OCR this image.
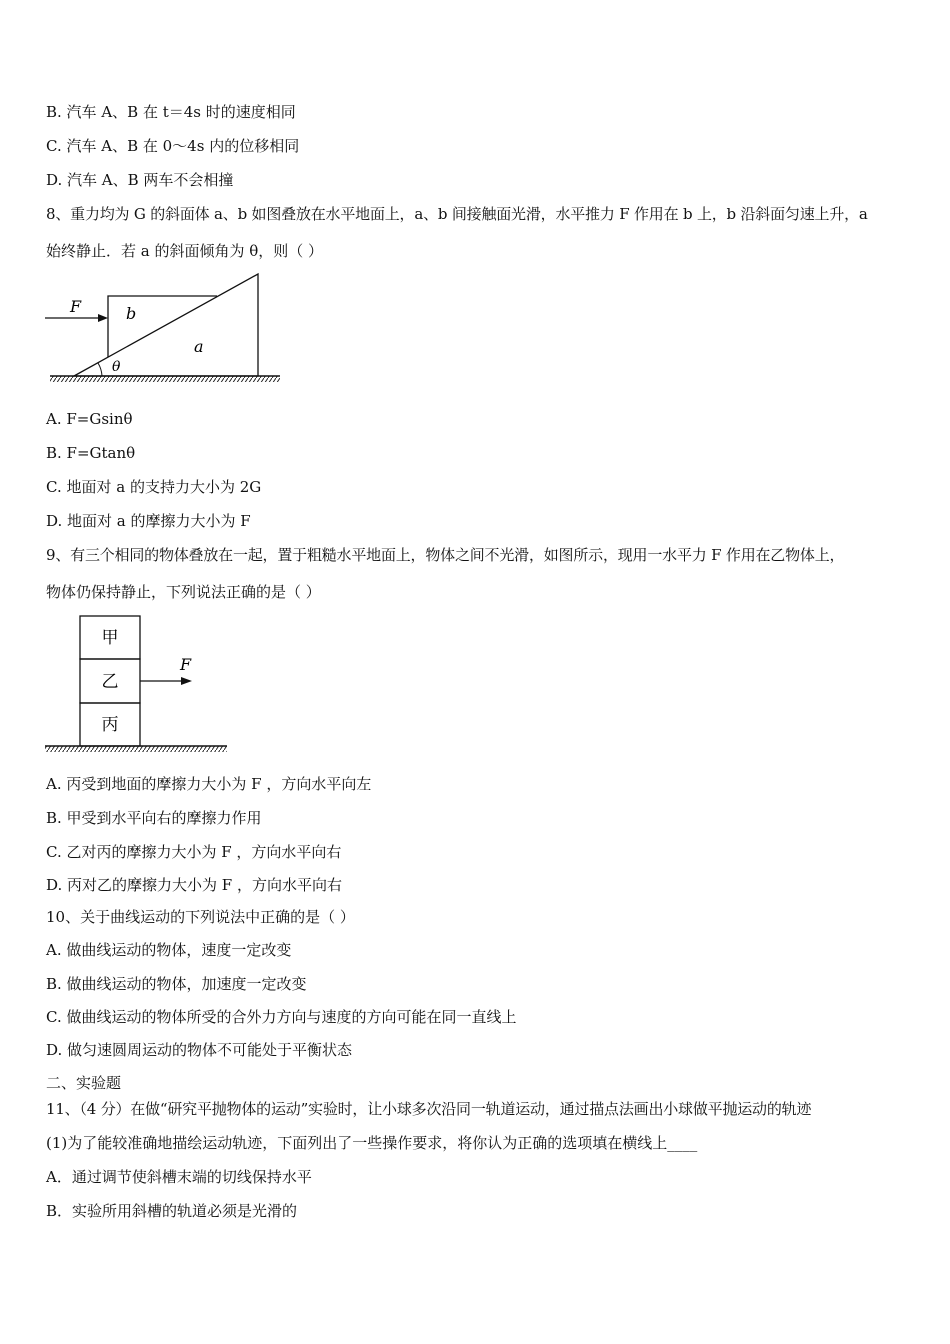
B. 汽车 A、B 在 t＝4s 时的速度相同
C. 汽车 A、B 在 0～4s 内的位移相同
D. 汽车 A、B 两车不会相撞
8、重力均为 G 的斜面体 a、b 如图叠放在水平地面上，a、b 间接触面光滑，水平推力 F 作用在 b 上，b 沿斜面匀速上升，a
始终静止．若 a 的斜面倾角为 θ，则（ ）
F	b
a
θ
A. F=Gsinθ
B. F=Gtanθ
C. 地面对 a 的支持力大小为 2G
D. 地面对 a 的摩擦力大小为 F
9、有三个相同的物体叠放在一起，置于粗糙水平地面上，物体之间不光滑，如图所示，现用一水平力 F 作用在乙物体上，
物体仍保持静止，下列说法正确的是（ ）
甲
乙
丙
F
A. 丙受到地面的摩擦力大小为 F ，方向水平向左
B. 甲受到水平向右的摩擦力作用
C. 乙对丙的摩擦力大小为 F ，方向水平向右
D. 丙对乙的摩擦力大小为 F ，方向水平向右
10、关于曲线运动的下列说法中正确的是（ ）
A. 做曲线运动的物体，速度一定改变
B. 做曲线运动的物体，加速度一定改变
C. 做曲线运动的物体所受的合外力方向与速度的方向可能在同一直线上
D. 做匀速圆周运动的物体不可能处于平衡状态
二、实验题
11、（4 分）在做“研究平抛物体的运动”实验时，让小球多次沿同一轨道运动，通过描点法画出小球做平抛运动的轨迹
(1)为了能较准确地描绘运动轨迹，下面列出了一些操作要求，将你认为正确的选项填在横线上____
A．通过调节使斜槽末端的切线保持水平
B．实验所用斜槽的轨道必须是光滑的
